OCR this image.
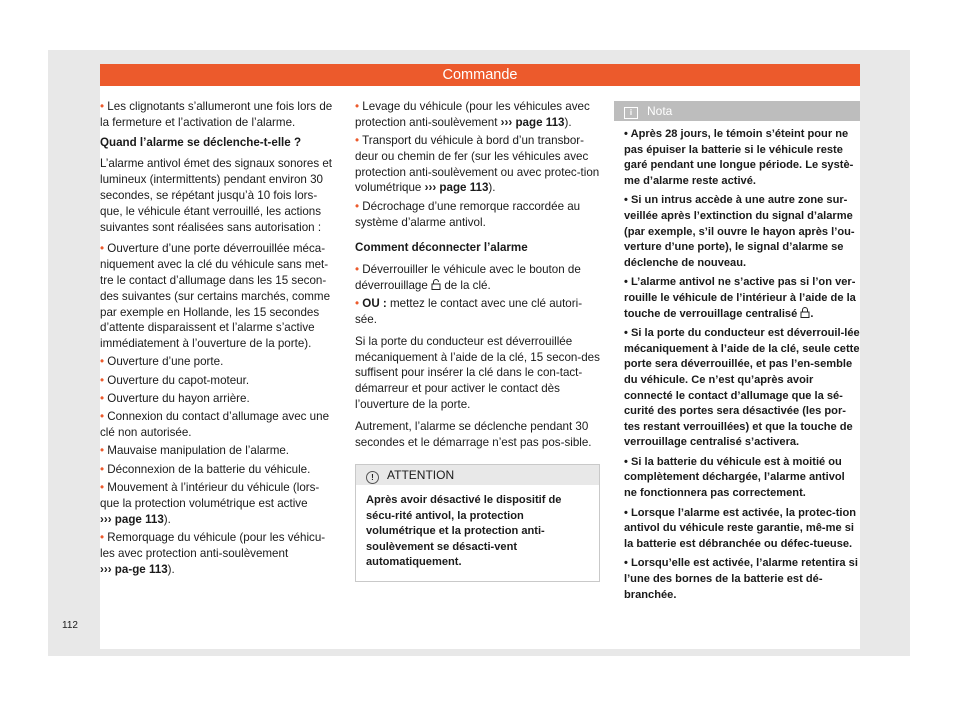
Commande

• Les clignotants s’allumeront une fois lors de la fermeture et l’activation de l’alarme.

Quand l’alarme se déclenche-t-elle ?

L’alarme antivol émet des signaux sonores et lumineux (intermittents) pendant environ 30 secondes, se répétant jusqu’à 10 fois lors-que, le véhicule étant verrouillé, les actions suivantes sont réalisées sans autorisation :

• Ouverture d’une porte déverrouillée méca-niquement avec la clé du véhicule sans met-tre le contact d’allumage dans les 15 secon-des suivantes (sur certains marchés, comme par exemple en Hollande, les 15 secondes d’attente disparaissent et l’alarme s’active immédiatement à l’ouverture de la porte).

• Ouverture d’une porte.

• Ouverture du capot-moteur.

• Ouverture du hayon arrière.

• Connexion du contact d’allumage avec une clé non autorisée.

• Mauvaise manipulation de l’alarme.

• Déconnexion de la batterie du véhicule.

• Mouvement à l’intérieur du véhicule (lors-que la protection volumétrique est active ››› page 113).

• Remorquage du véhicule (pour les véhicu-les avec protection anti-soulèvement ››› pa-ge 113).

• Levage du véhicule (pour les véhicules avec protection anti-soulèvement ››› page 113).

• Transport du véhicule à bord d’un transbor-deur ou chemin de fer (sur les véhicules avec protection anti-soulèvement ou avec protec-tion volumétrique ››› page 113).

• Décrochage d’une remorque raccordée au système d’alarme antivol.

Comment déconnecter l’alarme

• Déverrouiller le véhicule avec le bouton de déverrouillage de la clé.

• OU : mettez le contact avec une clé autori-sée.

Si la porte du conducteur est déverrouillée mécaniquement à l’aide de la clé, 15 secon-des suffisent pour insérer la clé dans le con-tact-démarreur et pour activer le contact dès l’ouverture de la porte.

Autrement, l’alarme se déclenche pendant 30 secondes et le démarrage n’est pas pos-sible.

! ATTENTION
Après avoir désactivé le dispositif de sécu-rité antivol, la protection volumétrique et la protection anti-soulèvement se désacti-vent automatiquement.
i Nota

• Après 28 jours, le témoin s’éteint pour ne pas épuiser la batterie si le véhicule reste garé pendant une longue période. Le systè-me d’alarme reste activé.

• Si un intrus accède à une autre zone sur-veillée après l’extinction du signal d’alarme (par exemple, s’il ouvre le hayon après l’ou-verture d’une porte), le signal d’alarme se déclenche de nouveau.

• L’alarme antivol ne s’active pas si l’on ver-rouille le véhicule de l’intérieur à l’aide de la touche de verrouillage centralisé .

• Si la porte du conducteur est déverrouil-lée mécaniquement à l’aide de la clé, seule cette porte sera déverrouillée, et pas l’en-semble du véhicule. Ce n’est qu’après avoir connecté le contact d’allumage que la sé-curité des portes sera désactivée (les por-tes restant verrouillées) et que la touche de verrouillage centralisé s’activera.

• Si la batterie du véhicule est à moitié ou complètement déchargée, l’alarme antivol ne fonctionnera pas correctement.

• Lorsque l’alarme est activée, la protec-tion antivol du véhicule reste garantie, mê-me si la batterie est débranchée ou défec-tueuse.

• Lorsqu’elle est activée, l’alarme retentira si l’une des bornes de la batterie est dé-branchée.

112
